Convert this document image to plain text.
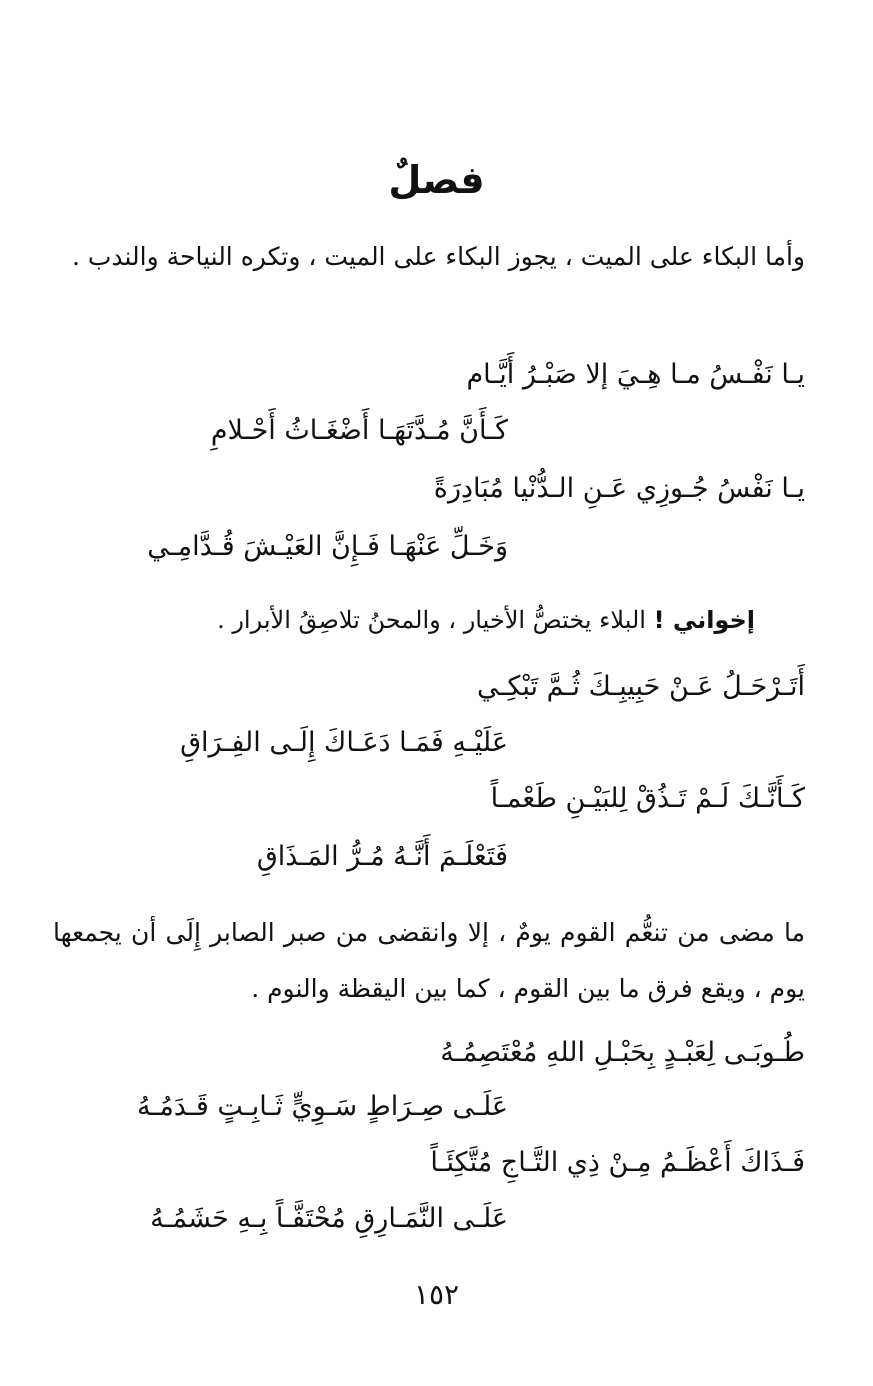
فصلٌ
وأما البكاء على الميت ، يجوز البكاء على الميت ، وتكره النياحة والندب .
يـا نَفْـسُ مـا هِـيَ إلا صَبْـرُ أَيَّـام
كَـأَنَّ مُـدَّتَهَـا أَضْغَـاثُ أَحْـلامِ
يـا نَفْسُ جُـوزِي عَـنِ الـدُّنْيا مُبَادِرَةً
وَخَـلِّ عَنْهَـا فَـإِنَّ العَيْـشَ قُـدَّامِـي
إخواني ! البلاء يختصُّ الأخيار ، والمحنُ تلاصِقُ الأبرار .
أَتَـرْحَـلُ عَـنْ حَبِيبِـكَ ثُـمَّ تَبْكِـي
عَلَيْـهِ فَمَـا دَعَـاكَ إِلَـى الفِـرَاقِ
كَـأَنَّـكَ لَـمْ تَـذُقْ لِلبَيْـنِ طَعْمـاً
فَتَعْلَـمَ أَنَّـهُ مُـرُّ المَـذَاقِ
ما مضى من تنعُّم القوم يومٌ ، إلا وانقضى من صبر الصابر إِلَى أن يجمعها يوم ، ويقع فرق ما بين القوم ، كما بين اليقظة والنوم .
طُـوبَـى لِعَبْـدٍ بِحَبْـلِ اللهِ مُعْتَصِمُـهُ
عَلَـى صِـرَاطٍ سَـوِيٍّ ثَـابِـتٍ قَـدَمُـهُ
فَـذَاكَ أَعْظَـمُ مِـنْ ذِي التَّـاجِ مُتَّكِئَـاً
عَلَـى النَّمَـارِقِ مُحْتَفَّـاً بِـهِ حَشَمُـهُ
١٥٢
